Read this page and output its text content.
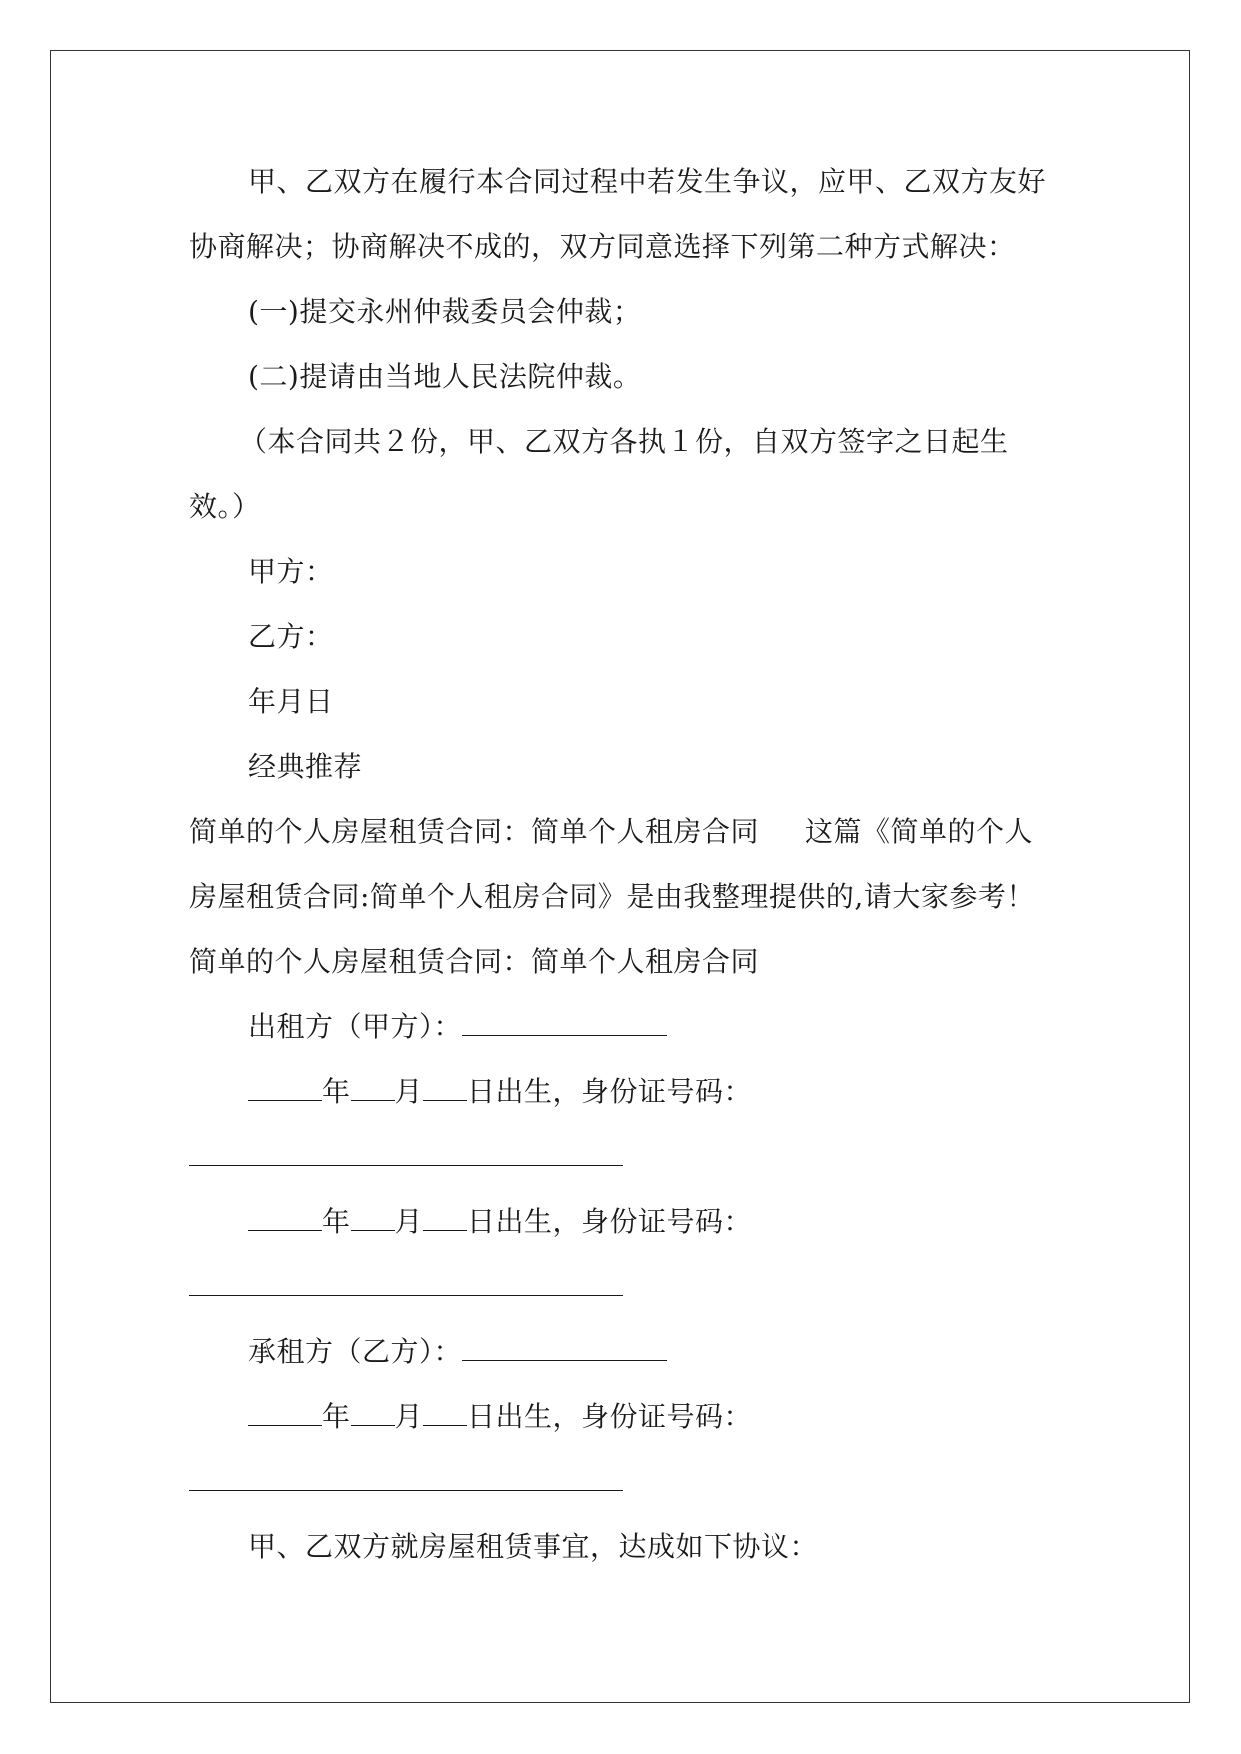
甲、乙双方在履行本合同过程中若发生争议，应甲、乙双方友好
协商解决；协商解决不成的，双方同意选择下列第二种方式解决：
(一)提交永州仲裁委员会仲裁；
(二)提请由当地人民法院仲裁。
（本合同共２份，甲、乙双方各执１份，自双方签字之日起生
效。）
甲方：
乙方：
年月日
经典推荐
简单的个人房屋租赁合同：简单个人租房合同 这篇《简单的个人
房屋租赁合同:简单个人租房合同》是由我整理提供的,请大家参考！
简单的个人房屋租赁合同：简单个人租房合同
出租方（甲方）：
年 月 日出生，身份证号码：
年 月 日出生，身份证号码：
承租方（乙方）：
年 月 日出生，身份证号码：
甲、乙双方就房屋租赁事宜，达成如下协议：
